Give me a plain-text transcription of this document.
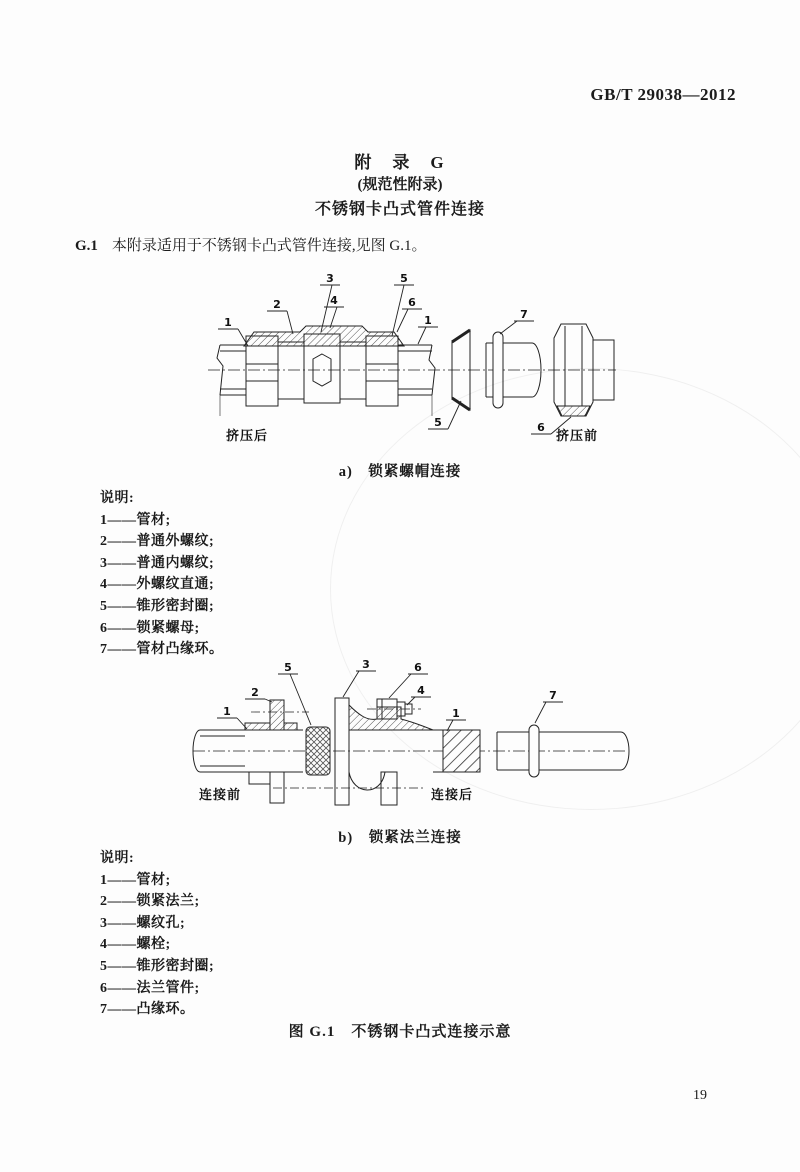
GB/T 29038—2012
附　录　G
(规范性附录)
不锈钢卡凸式管件连接
G.1 本附录适用于不锈钢卡凸式管件连接,见图 G.1。
1
2
3
4
5
6
1	7
5	6
挤压后	挤压前
a)　锁紧螺帽连接
说明:
1——管材;
2——普通外螺纹;
3——普通内螺纹;
4——外螺纹直通;
5——锥形密封圈;
6——锁紧螺母;
7——管材凸缘环。
1
2
5	3	6
4
1
7
连接前	连接后
b)　锁紧法兰连接
说明:
1——管材;
2——锁紧法兰;
3——螺纹孔;
4——螺栓;
5——锥形密封圈;
6——法兰管件;
7——凸缘环。
图 G.1　不锈钢卡凸式连接示意
19
